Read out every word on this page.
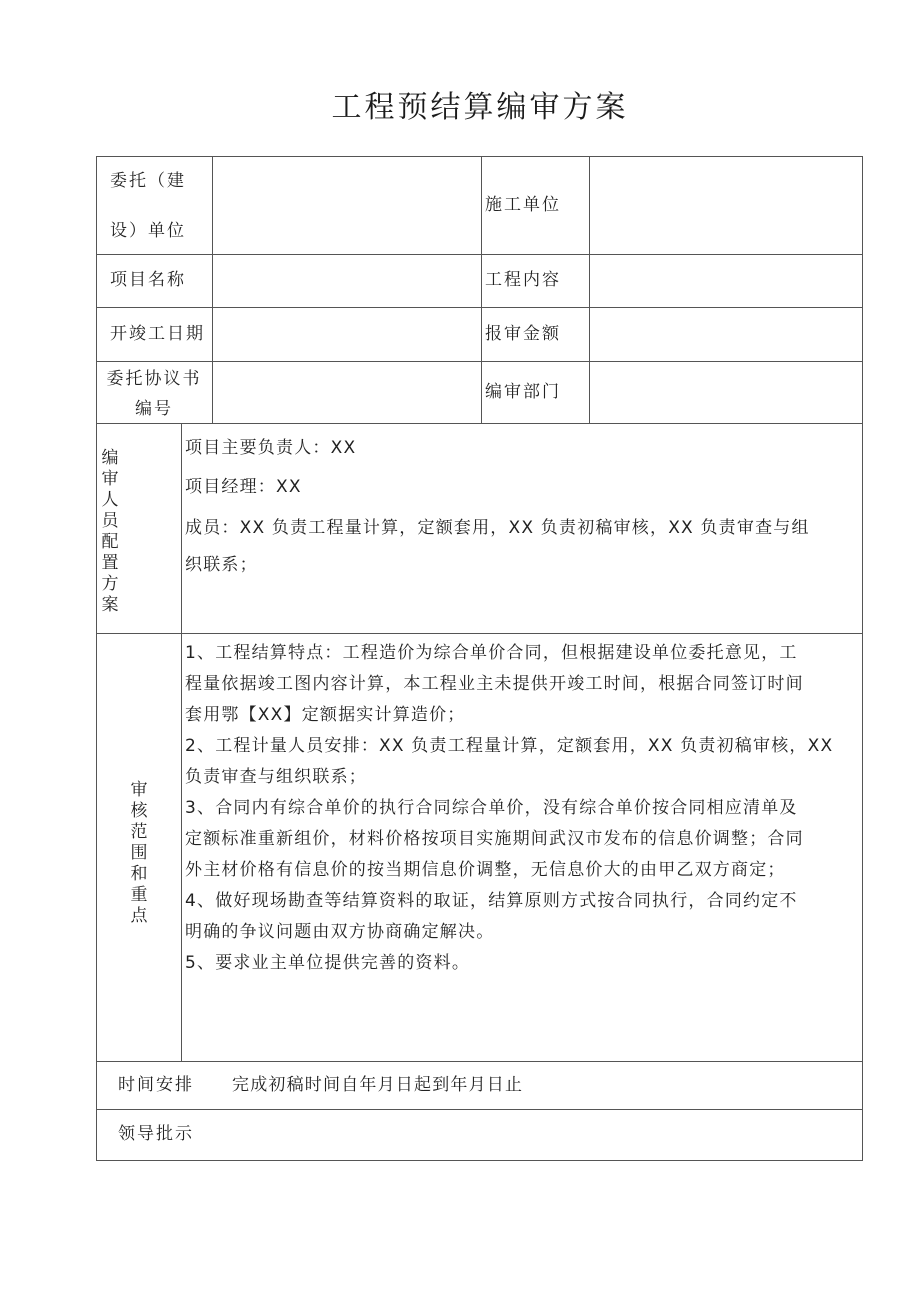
工程预结算编审方案
委托（建
设）单位
施工单位
项目名称	工程内容
开竣工日期	报审金额
委托协议书
编号
编审部门
编
审
人
员
配
置
方
案
项目主要负责人：XX
项目经理：XX
成员：XX 负责工程量计算，定额套用，XX 负责初稿审核，XX 负责审查与组
织联系；
审
核
范
围
和
重
点
1、工程结算特点：工程造价为综合单价合同，但根据建设单位委托意见，工
程量依据竣工图内容计算，本工程业主未提供开竣工时间，根据合同签订时间
套用鄂【XX】定额据实计算造价；
2、工程计量人员安排：XX 负责工程量计算，定额套用，XX 负责初稿审核，XX
负责审查与组织联系；
3、合同内有综合单价的执行合同综合单价，没有综合单价按合同相应清单及
定额标准重新组价，材料价格按项目实施期间武汉市发布的信息价调整；合同
外主材价格有信息价的按当期信息价调整，无信息价大的由甲乙双方商定；
4、做好现场勘查等结算资料的取证，结算原则方式按合同执行，合同约定不
明确的争议问题由双方协商确定解决。
5、要求业主单位提供完善的资料。
时间安排 完成初稿时间自年月日起到年月日止
领导批示
